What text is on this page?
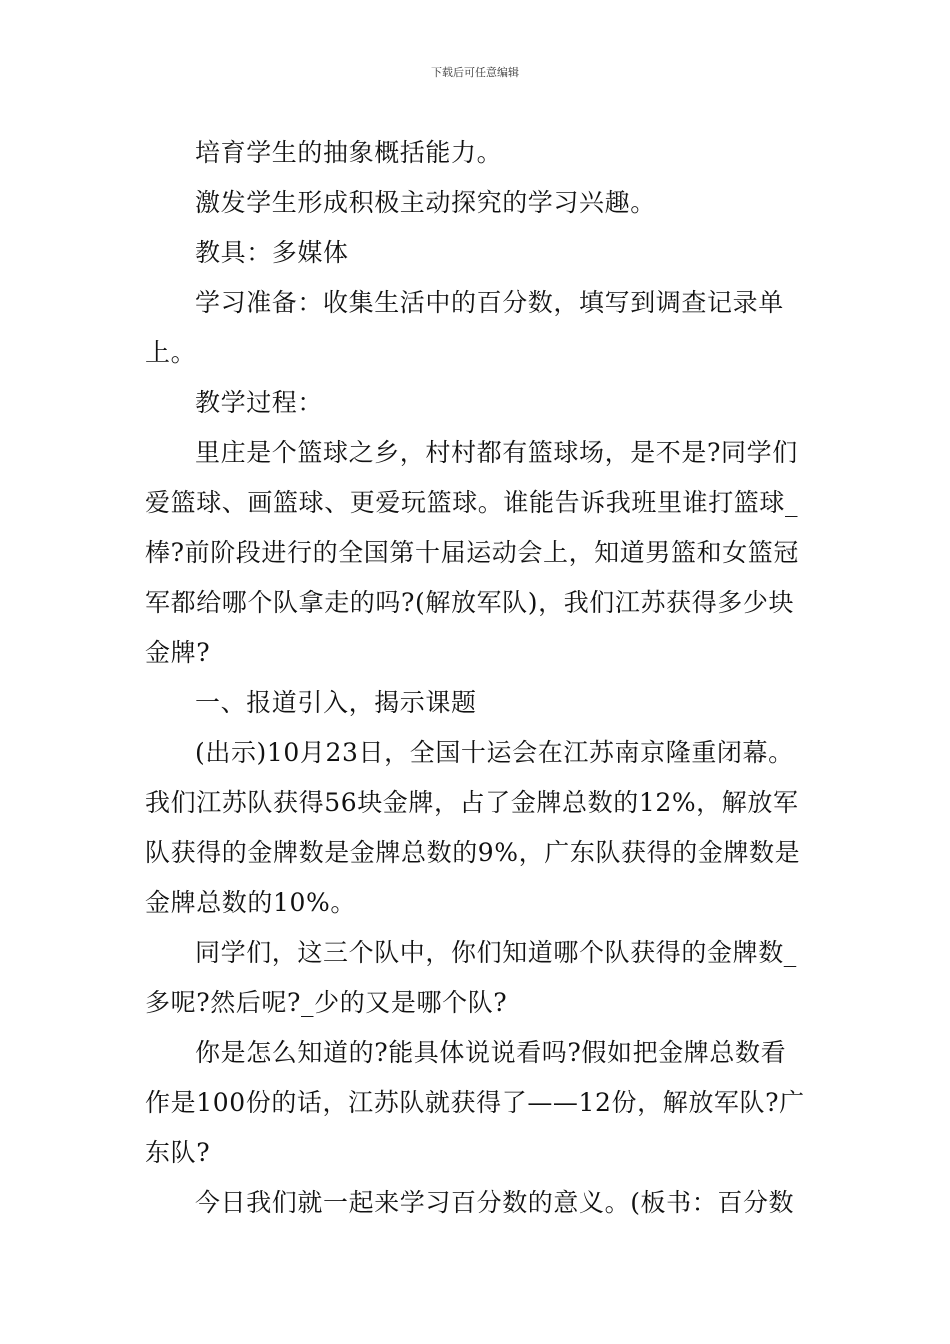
下载后可任意编辑

培育学生的抽象概括能力。

激发学生形成积极主动探究的学习兴趣。

教具：多媒体

学习准备：收集生活中的百分数，填写到调查记录单上。

教学过程：

里庄是个篮球之乡，村村都有篮球场，是不是?同学们爱篮球、画篮球、更爱玩篮球。谁能告诉我班里谁打篮球_棒?前阶段进行的全国第十届运动会上，知道男篮和女篮冠军都给哪个队拿走的吗?(解放军队)，我们江苏获得多少块金牌?

一、报道引入，揭示课题

(出示)10月23日，全国十运会在江苏南京隆重闭幕。我们江苏队获得56块金牌，占了金牌总数的12%，解放军队获得的金牌数是金牌总数的9%，广东队获得的金牌数是金牌总数的10%。

同学们，这三个队中，你们知道哪个队获得的金牌数_多呢?然后呢?_少的又是哪个队?

你是怎么知道的?能具体说说看吗?假如把金牌总数看作是100份的话，江苏队就获得了——12份，解放军队?广东队?

今日我们就一起来学习百分数的意义。(板书：百分数
